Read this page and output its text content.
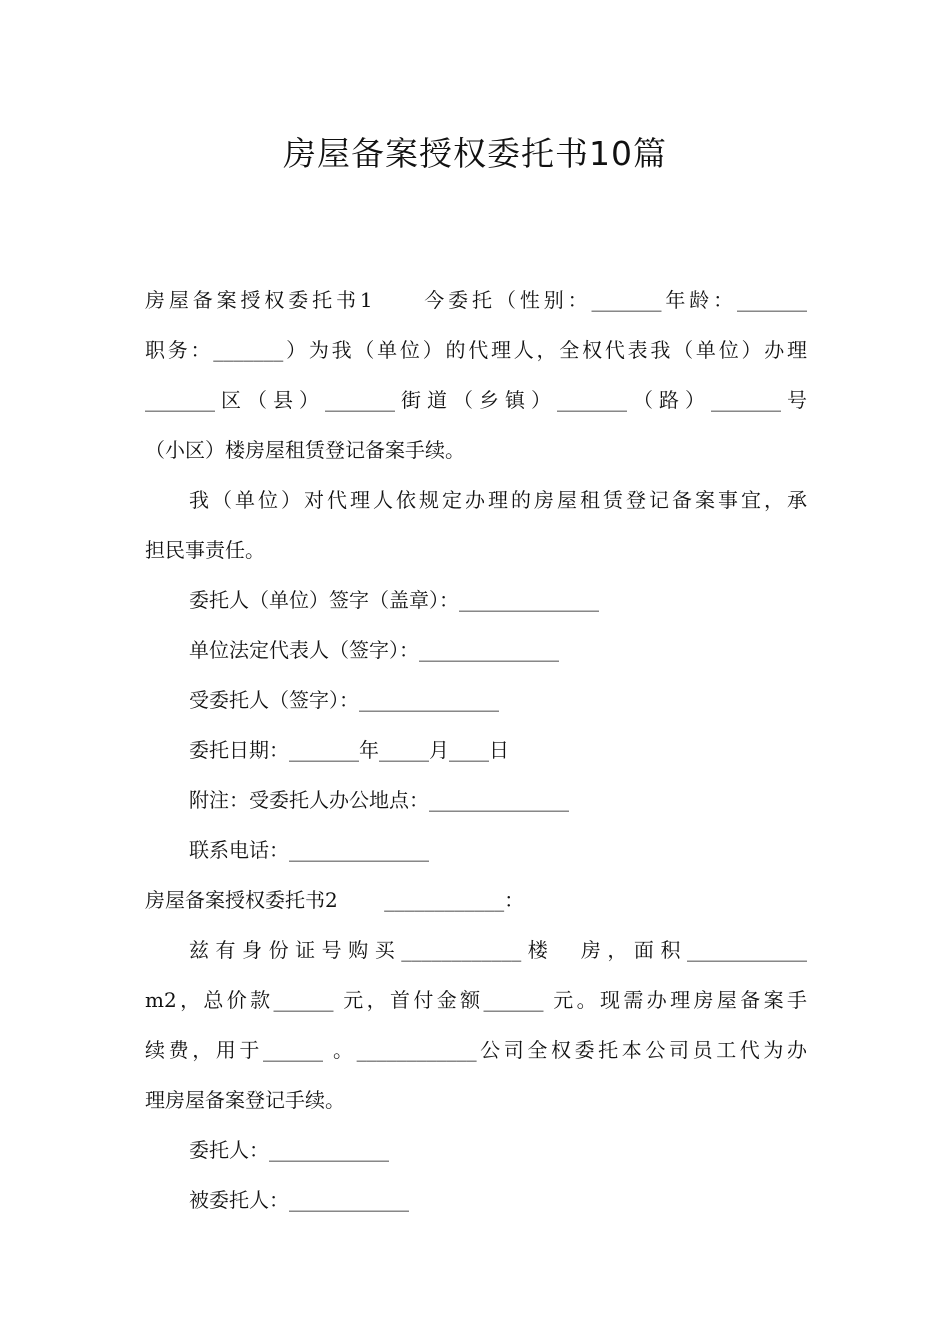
房屋备案授权委托书10篇
房屋备案授权委托书1　　今委托（性别：_______年龄：_______
职务：_______）为我（单位）的代理人，全权代表我（单位）办理
_______区（县）_______街道（乡镇）_______（路）_______号
（小区）楼房屋租赁登记备案手续。
我（单位）对代理人依规定办理的房屋租赁登记备案事宜，承
担民事责任。
委托人（单位）签字（盖章）：______________
单位法定代表人（签字）：______________
受委托人（签字）：______________
委托日期：_______年_____月____日
附注：受委托人办公地点：______________
联系电话：______________
房屋备案授权委托书2　　 ____________：
兹有身份证号购买____________楼　房，面积____________
m2，总价款______ 元，首付金额______ 元。现需办理房屋备案手
续费，用于______ 。____________公司全权委托本公司员工代为办
理房屋备案登记手续。
委托人：____________
被委托人：____________
